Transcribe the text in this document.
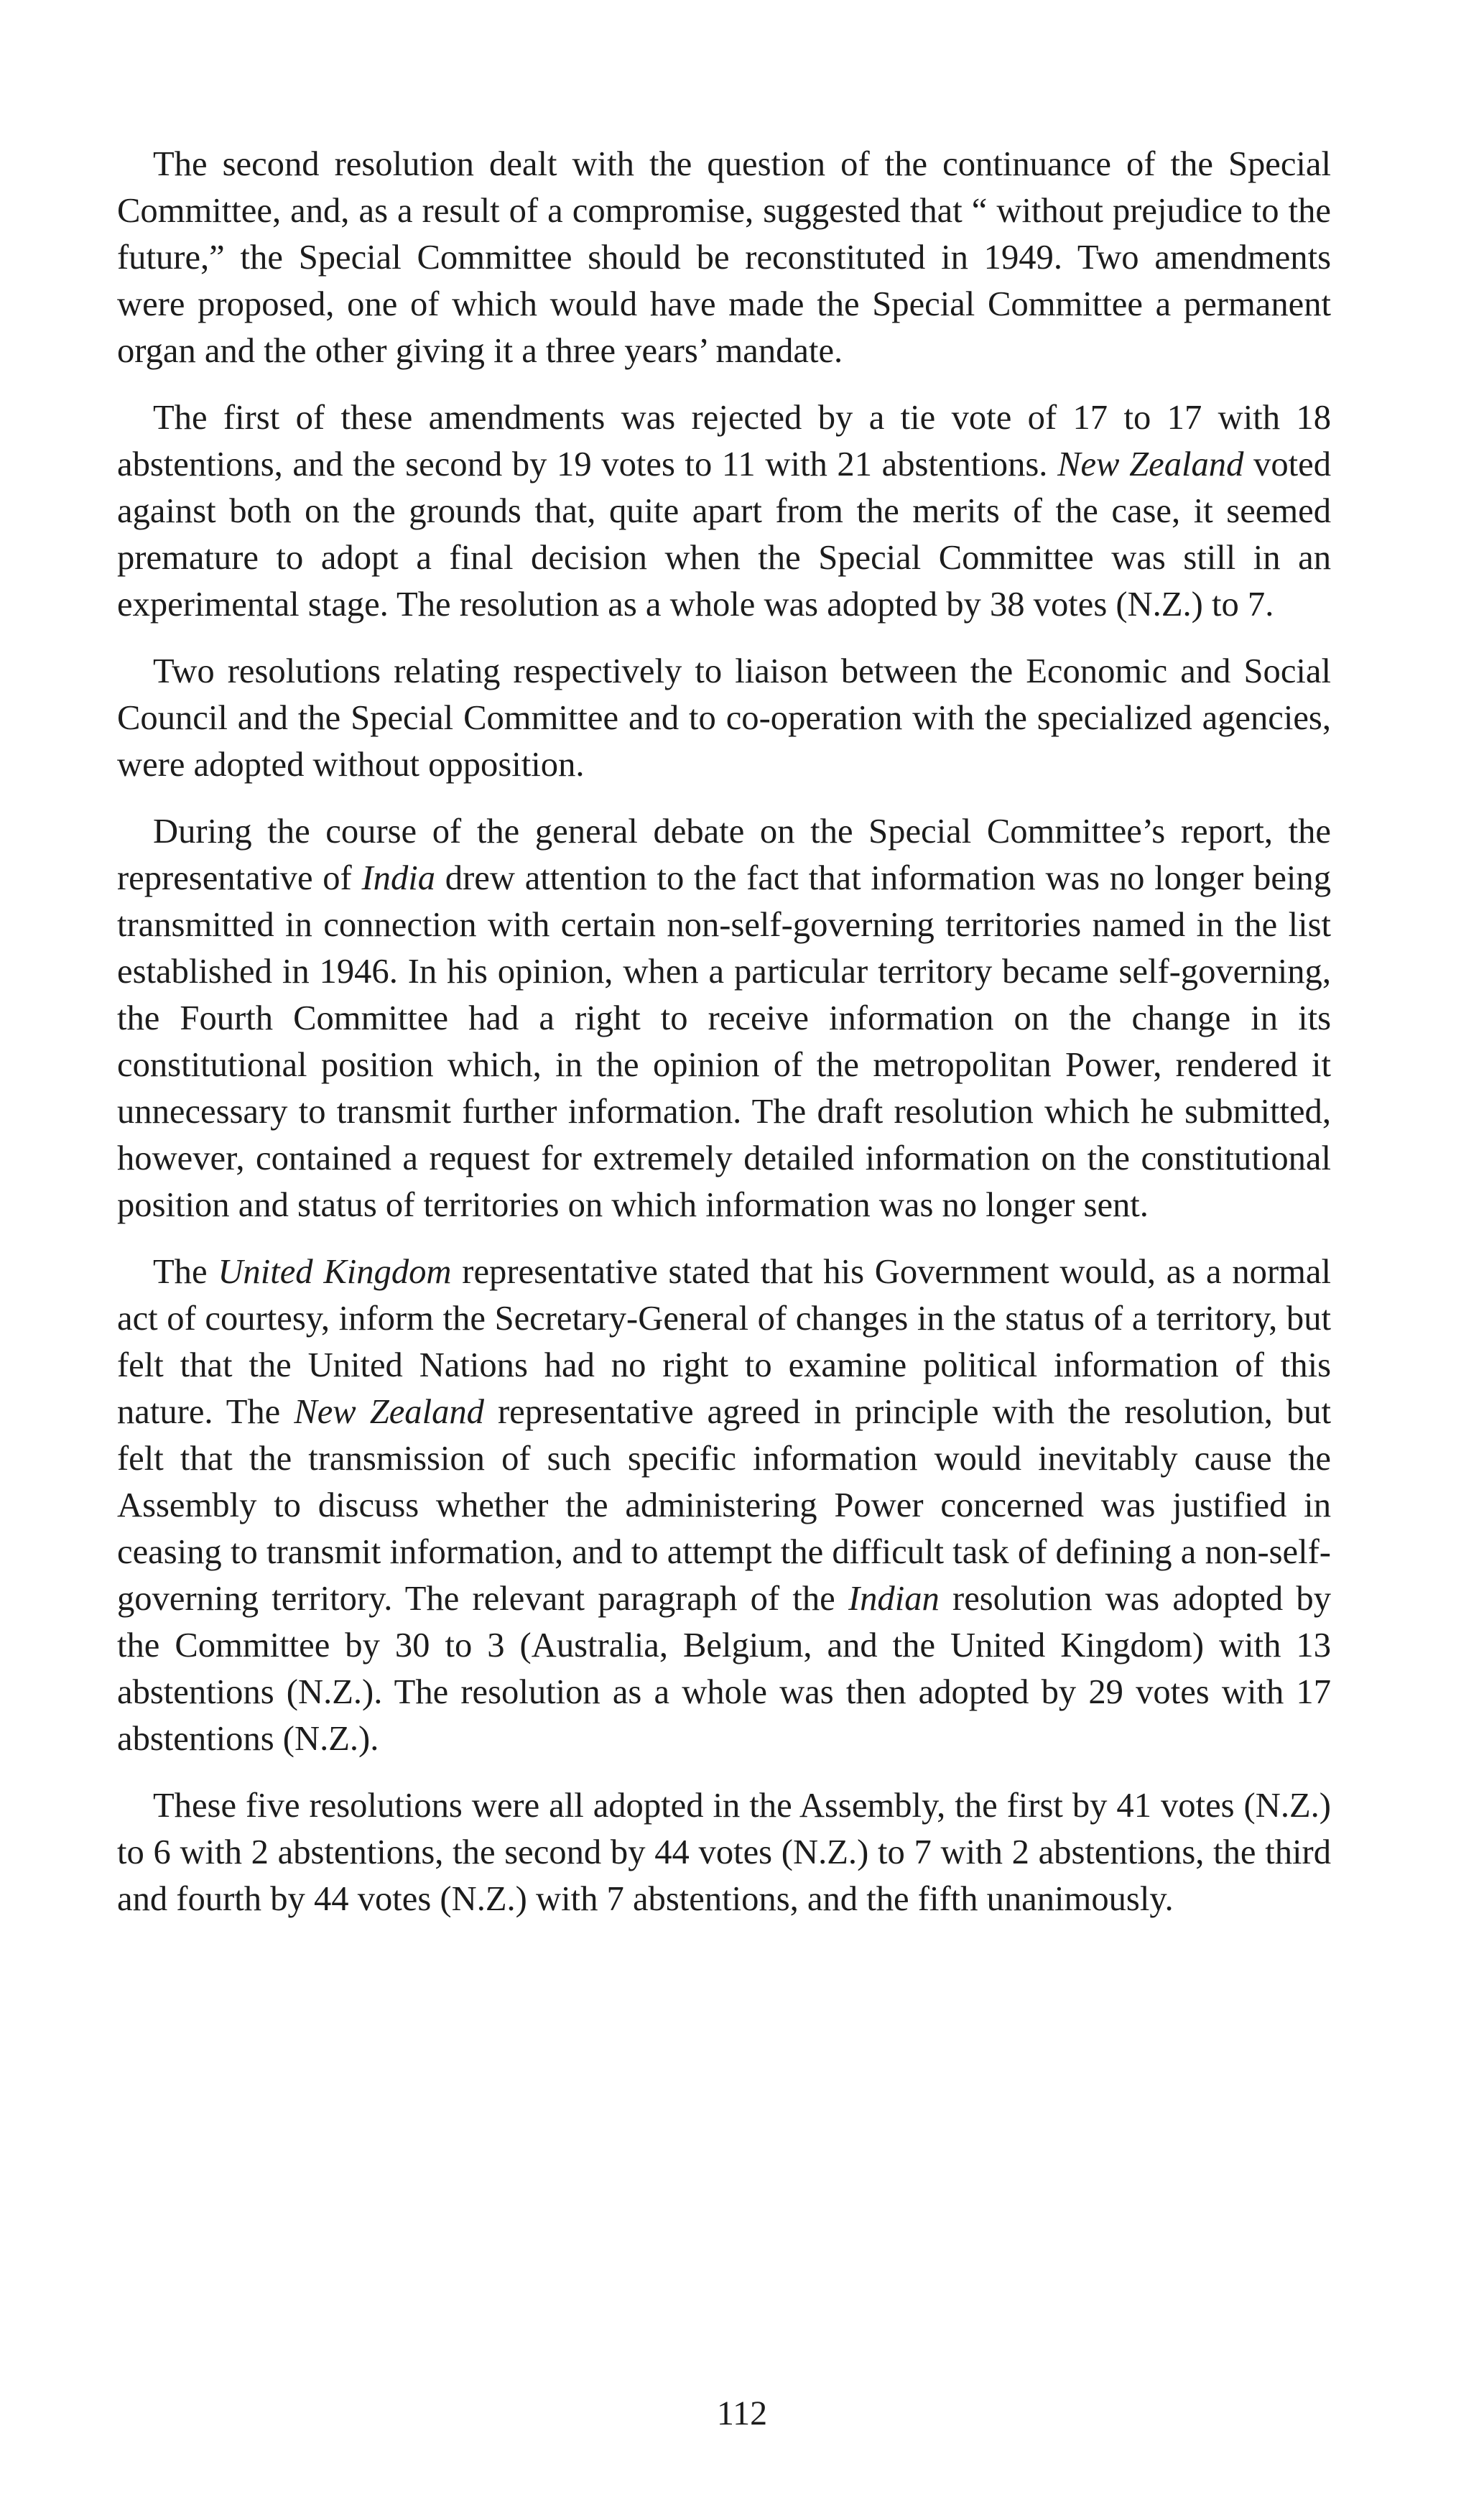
The second resolution dealt with the question of the continuance of the Special Committee, and, as a result of a compromise, suggested that “ without prejudice to the future,” the Special Committee should be reconstituted in 1949. Two amendments were proposed, one of which would have made the Special Committee a permanent organ and the other giving it a three years’ mandate.

The first of these amendments was rejected by a tie vote of 17 to 17 with 18 abstentions, and the second by 19 votes to 11 with 21 abstentions. New Zealand voted against both on the grounds that, quite apart from the merits of the case, it seemed premature to adopt a final decision when the Special Committee was still in an experimental stage. The resolution as a whole was adopted by 38 votes (N.Z.) to 7.

Two resolutions relating respectively to liaison between the Economic and Social Council and the Special Committee and to co-operation with the specialized agencies, were adopted without opposition.

During the course of the general debate on the Special Committee’s report, the representative of India drew attention to the fact that information was no longer being transmitted in connection with certain non-self-governing territories named in the list established in 1946. In his opinion, when a particular territory became self-governing, the Fourth Committee had a right to receive information on the change in its constitutional position which, in the opinion of the metropolitan Power, rendered it unnecessary to transmit further information. The draft resolution which he submitted, however, contained a request for extremely detailed information on the constitutional position and status of territories on which information was no longer sent.

The United Kingdom representative stated that his Government would, as a normal act of courtesy, inform the Secretary-General of changes in the status of a territory, but felt that the United Nations had no right to examine political information of this nature. The New Zealand representative agreed in principle with the resolution, but felt that the transmission of such specific information would inevitably cause the Assembly to discuss whether the administering Power concerned was justified in ceasing to transmit information, and to attempt the difficult task of defining a non-self-governing territory. The relevant paragraph of the Indian resolution was adopted by the Committee by 30 to 3 (Australia, Belgium, and the United Kingdom) with 13 abstentions (N.Z.). The resolution as a whole was then adopted by 29 votes with 17 abstentions (N.Z.).

These five resolutions were all adopted in the Assembly, the first by 41 votes (N.Z.) to 6 with 2 abstentions, the second by 44 votes (N.Z.) to 7 with 2 abstentions, the third and fourth by 44 votes (N.Z.) with 7 abstentions, and the fifth unanimously.

112
